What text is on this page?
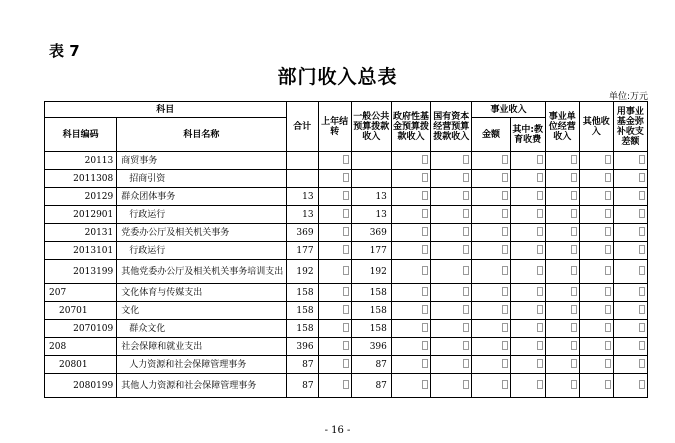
表 7
部门收入总表
单位:万元
科目		合计	上年结转	一般公共预算拨款收入	政府性基金预算拨款收入	国有资本经营预算拨款收入	事业收入		事业单位经营收入	其他收入	用事业基金弥补收支差额
科目编码	科目名称						金额	其中:教育收费			
20113	商贸事务										
2011308	招商引资										
20129	群众团体事务	13		13							
2012901	行政运行	13		13							
20131	党委办公厅及相关机关事务	369		369							
2013101	行政运行	177		177							
2013199	其他党委办公厅及相关机关事务培训支出	192		192							
207	文化体育与传媒支出	158		158							
20701	文化	158		158							
2070109	群众文化	158		158							
208	社会保障和就业支出	396		396							
20801	人力资源和社会保障管理事务	87		87							
2080199	其他人力资源和社会保障管理事务	87		87							
- 16 -
